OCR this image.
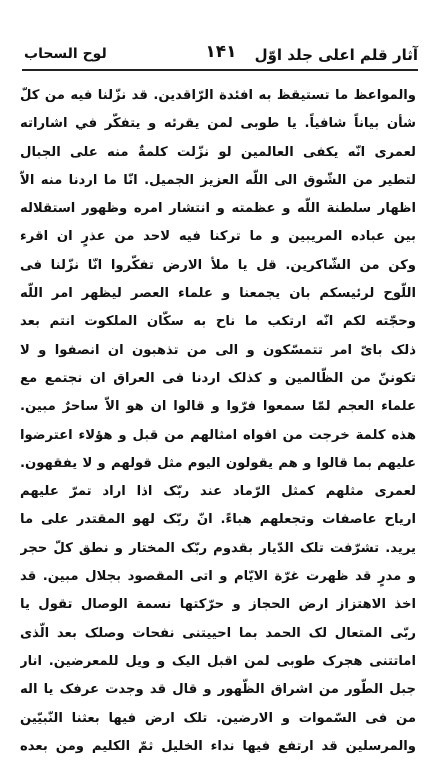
آثار قلم اعلی جلد اوّل
۱۴۱
لوح السحاب
والمواعظ ما تستيقظ به افئدة الرّاقدين. قد نزّلنا فيه من كلّ
شأن بياناً شافياً. يا طوبی لمن يقرئه و يتفکّر في اشاراته
لعمری انّه يکفی العالمين لو نزّلت کلمةٌ منه علی الجبال
لتطير من الشّوق الی اللّه العزيز الجميل. انّا ما اردنا منه الاّ
اظهار سلطنة اللّه و عظمته و انتشار امره وظهور استقلاله
بين عباده المريبين و ما ترکنا فيه لاحد من عذرٍ ان اقرء
وکن من الشّاکرين. قل يا ملأ الارض تفکّروا انّا نزّلنا فی
اللّوح لرئيسکم بان يجمعنا و علماء العصر ليظهر امر اللّه
وحجّته لکم انّه ارتکب ما ناح به سکّان الملکوت انتم بعد
ذلک بایّ امر تتمسّکون و الی من تذهبون ان انصفوا و لا
تکوننّ من الظّالمين و کذلک اردنا فی العراق ان نجتمع مع
علماء العجم لمّا سمعوا فرّوا و قالوا ان هو الاّ ساحرٌ مبين.
هذه کلمة خرجت من افواه امثالهم من قبل و هؤلاء اعترضوا
عليهم بما قالوا و هم يقولون اليوم مثل قولهم و لا يفقهون.
لعمری مثلهم کمثل الرّماد عند ربّک اذا اراد تمرّ عليهم
ارياح عاصفات وتجعلهم هباءً. انّ ربّک لهو المقتدر علی ما
يريد. تشرّفت تلک الدّيار بقدوم ربّک المختار و نطق کلّ حجر
و مدرٍ قد ظهرت غرّة الايّام و اتی المقصود بجلال مبين. قد
اخذ الاهتزاز ارض الحجاز و حرّکتها نسمة الوصال تقول يا
ربّی المتعال لک الحمد بما احييتنی نفحات وصلک بعد الّذی
اماتتنی هجرک طوبی لمن اقبل اليک و ويل للمعرضين. انار
جبل الطّور من اشراق الظّهور و قال قد وجدت عرفک يا اله
من فی السّموات و الارضين. تلک ارض فيها بعثنا النّبيّين
والمرسلين قد ارتفع فيها نداء الخليل ثمّ الکليم ومن بعده
